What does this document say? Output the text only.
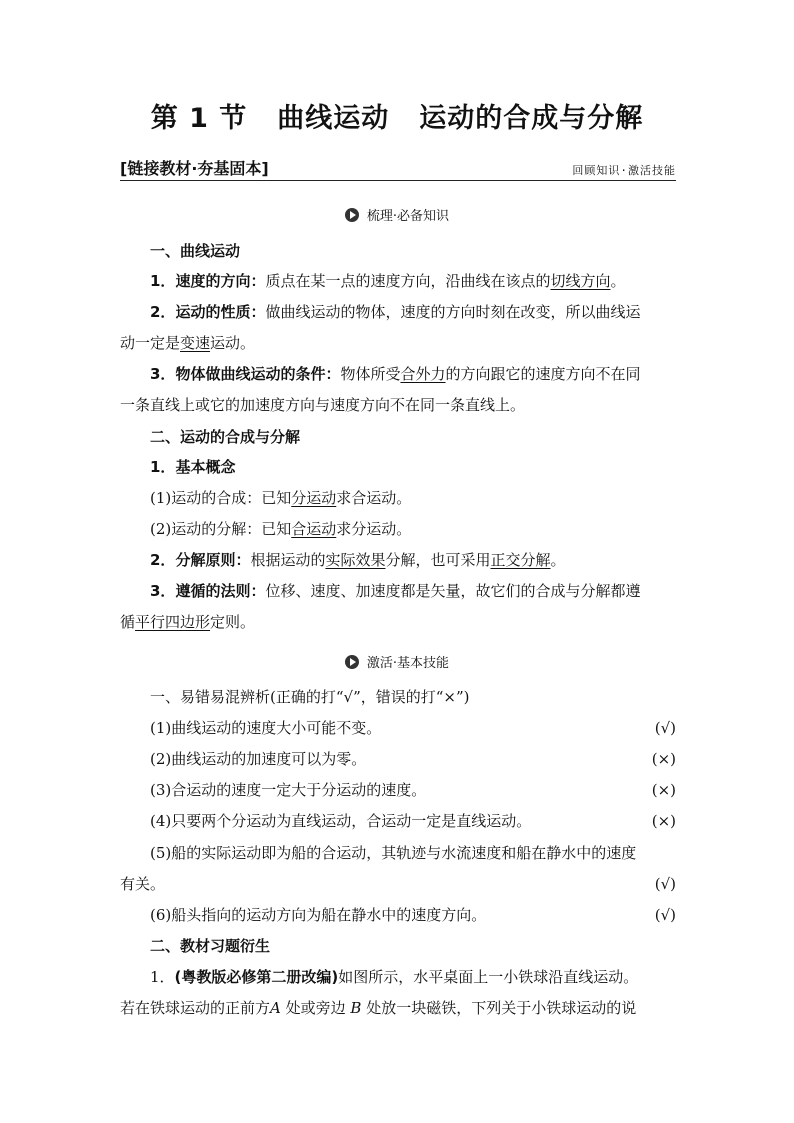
第 1 节 曲线运动 运动的合成与分解
[链接教材·夯基固本]	回顾知识·激活技能
梳理·必备知识
一、曲线运动
1．速度的方向：质点在某一点的速度方向，沿曲线在该点的切线方向。
2．运动的性质：做曲线运动的物体，速度的方向时刻在改变，所以曲线运
动一定是变速运动。
3．物体做曲线运动的条件：物体所受合外力的方向跟它的速度方向不在同
一条直线上或它的加速度方向与速度方向不在同一条直线上。
二、运动的合成与分解
1．基本概念
(1)运动的合成：已知分运动求合运动。
(2)运动的分解：已知合运动求分运动。
2．分解原则：根据运动的实际效果分解，也可采用正交分解。
3．遵循的法则：位移、速度、加速度都是矢量，故它们的合成与分解都遵
循平行四边形定则。
激活·基本技能
一、易错易混辨析(正确的打“√”，错误的打“×”)
(1)曲线运动的速度大小可能不变。	(√)
(2)曲线运动的加速度可以为零。	(×)
(3)合运动的速度一定大于分运动的速度。	(×)
(4)只要两个分运动为直线运动，合运动一定是直线运动。	(×)
(5)船的实际运动即为船的合运动，其轨迹与水流速度和船在静水中的速度
有关。	(√)
(6)船头指向的运动方向为船在静水中的速度方向。	(√)
二、教材习题衍生
1．(粤教版必修第二册改编)如图所示，水平桌面上一小铁球沿直线运动。
若在铁球运动的正前方A 处或旁边 B 处放一块磁铁，下列关于小铁球运动的说
